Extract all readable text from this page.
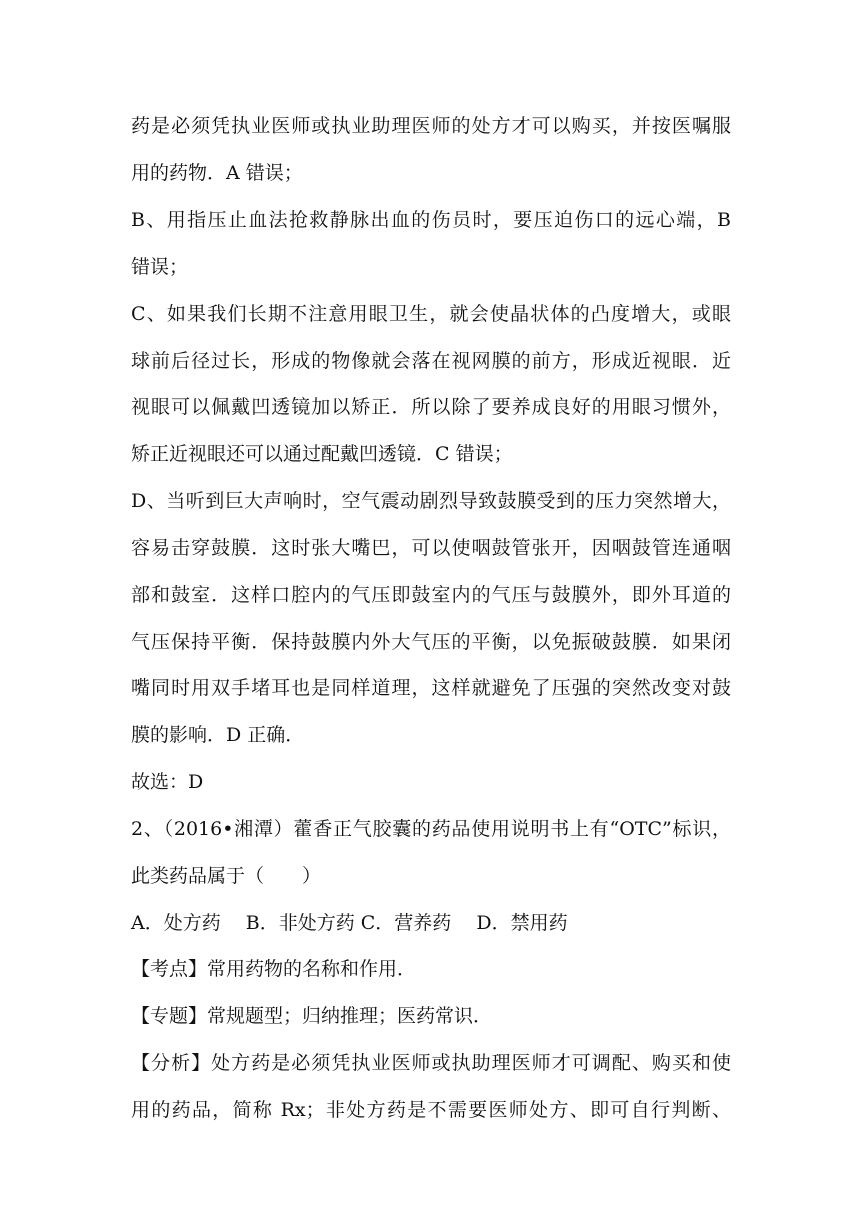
药是必须凭执业医师或执业助理医师的处方才可以购买，并按医嘱服
用的药物．A 错误；
B、用指压止血法抢救静脉出血的伤员时，要压迫伤口的远心端，B
错误；
C、如果我们长期不注意用眼卫生，就会使晶状体的凸度增大，或眼
球前后径过长，形成的物像就会落在视网膜的前方，形成近视眼．近
视眼可以佩戴凹透镜加以矫正．所以除了要养成良好的用眼习惯外，
矫正近视眼还可以通过配戴凹透镜．C 错误；
D、当听到巨大声响时，空气震动剧烈导致鼓膜受到的压力突然增大，
容易击穿鼓膜．这时张大嘴巴，可以使咽鼓管张开，因咽鼓管连通咽
部和鼓室．这样口腔内的气压即鼓室内的气压与鼓膜外，即外耳道的
气压保持平衡．保持鼓膜内外大气压的平衡，以免振破鼓膜．如果闭
嘴同时用双手堵耳也是同样道理，这样就避免了压强的突然改变对鼓
膜的影响．D 正确．
故选：D
2、（2016•湘潭）藿香正气胶囊的药品使用说明书上有“OTC”标识，
此类药品属于（　　）
A．处方药　 B．非处方药 C．营养药　 D．禁用药
【考点】常用药物的名称和作用．
【专题】常规题型；归纳推理；医药常识．
【分析】处方药是必须凭执业医师或执助理医师才可调配、购买和使
用的药品，简称 Rx；非处方药是不需要医师处方、即可自行判断、
